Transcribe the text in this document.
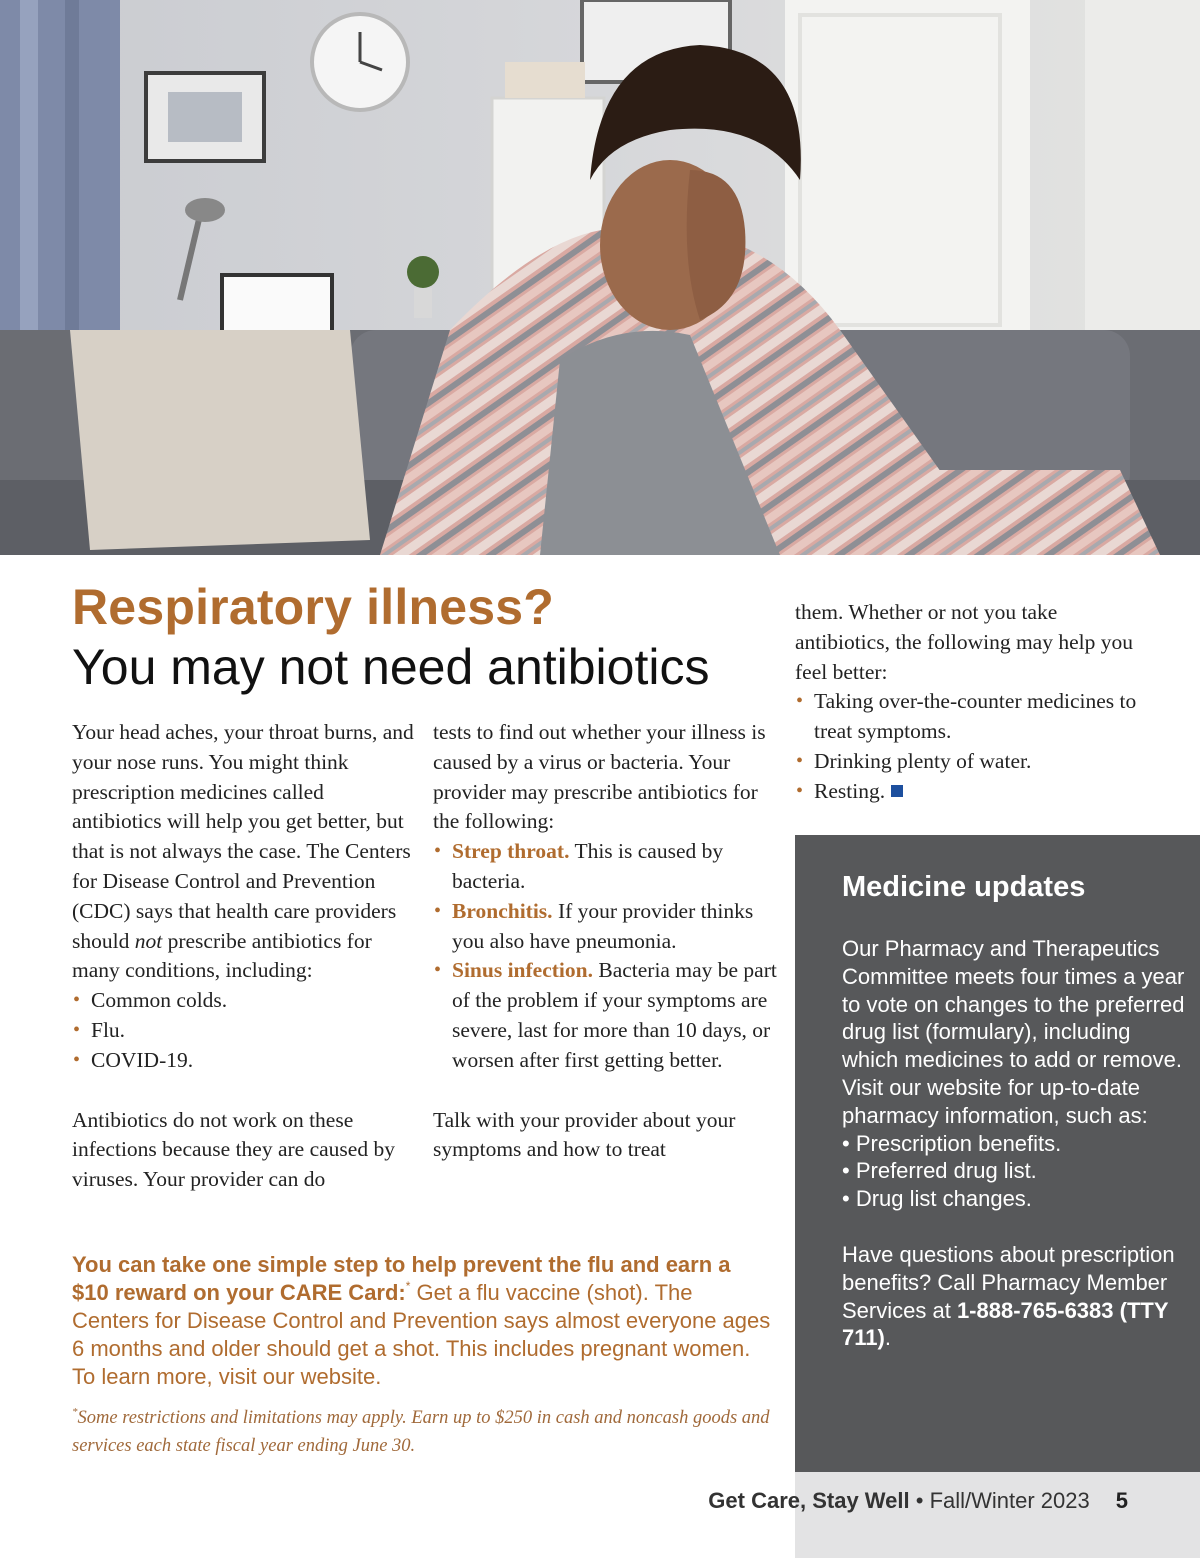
Respiratory illness?
You may not need antibiotics

Your head aches, your throat burns, and your nose runs. You might think prescription medicines called antibiotics will help you get better, but that is not always the case. The Centers for Disease Control and Prevention (CDC) says that health care providers should not prescribe antibiotics for many conditions, including:

• Common colds.
• Flu.
• COVID-19.

Antibiotics do not work on these infections because they are caused by viruses. Your provider can do

tests to find out whether your illness is caused by a virus or bacteria. Your provider may prescribe antibiotics for the following:

• Strep throat. This is caused by bacteria.
• Bronchitis. If your provider thinks you also have pneumonia.
• Sinus infection. Bacteria may be part of the problem if your symptoms are severe, last for more than 10 days, or worsen after first getting better.

Talk with your provider about your symptoms and how to treat

them. Whether or not you take antibiotics, the following may help you feel better:

• Taking over-the-counter medicines to treat symptoms.
• Drinking plenty of water.
• Resting.
You can take one simple step to help prevent the flu and earn a $10 reward on your CARE Card:* Get a flu vaccine (shot). The Centers for Disease Control and Prevention says almost everyone ages 6 months and older should get a shot. This includes pregnant women. To learn more, visit our website.
*Some restrictions and limitations may apply. Earn up to $250 in cash and noncash goods and services each state fiscal year ending June 30.
Medicine updates

Our Pharmacy and Therapeutics Committee meets four times a year to vote on changes to the preferred drug list (formulary), including which medicines to add or remove. Visit our website for up-to-date pharmacy information, such as:

• Prescription benefits.
• Preferred drug list.
• Drug list changes.

Have questions about prescription benefits? Call Pharmacy Member Services at 1-888-765-6383 (TTY 711).

Get Care, Stay Well • Fall/Winter 2023 5
